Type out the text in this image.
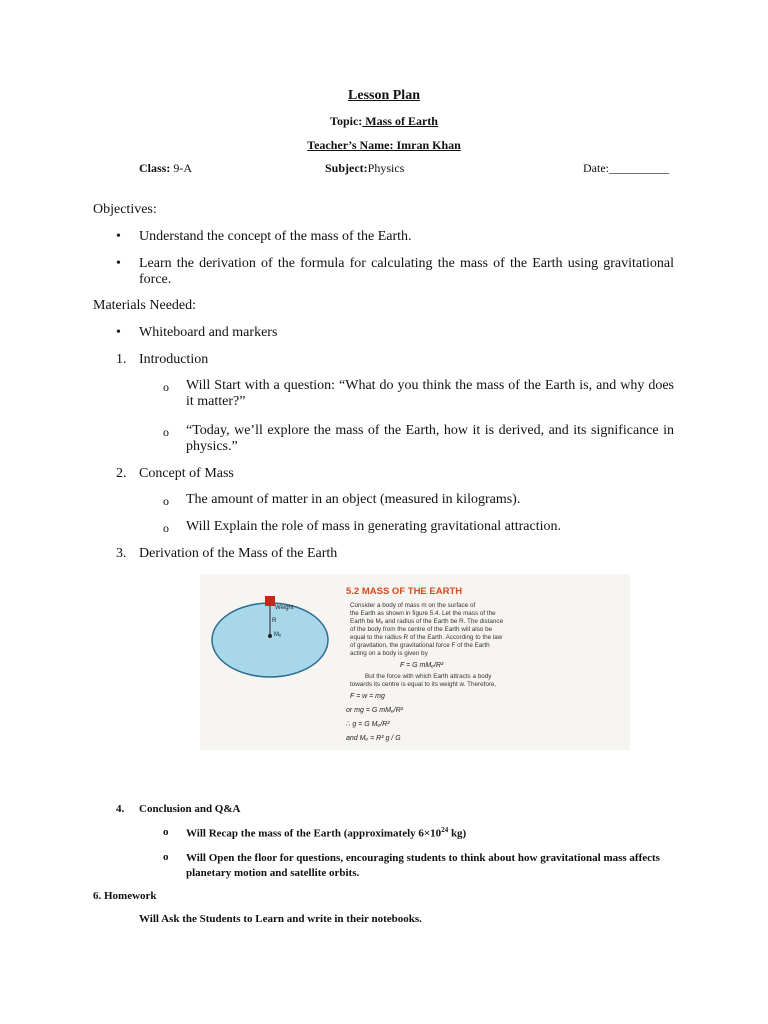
Lesson Plan
Topic: Mass of Earth
Teacher’s Name: Imran Khan
Class: 9-A	Subject:Physics	Date:__________
Objectives:
• Understand the concept of the mass of the Earth.
• Learn the derivation of the formula for calculating the mass of the Earth using gravitational force.
Materials Needed:
• Whiteboard and markers
1. Introduction
o Will Start with a question: “What do you think the mass of the Earth is, and why does it matter?”
o “Today, we’ll explore the mass of the Earth, how it is derived, and its significance in physics.”
2. Concept of Mass
o The amount of matter in an object (measured in kilograms).
o Will Explain the role of mass in generating gravitational attraction.
3. Derivation of the Mass of the Earth
Weight
R
Mₑ
5.2 MASS OF THE EARTH
Consider a body of mass m on the surface of
the Earth as shown in figure 5.4. Let the mass of the
Earth be Mₑ and radius of the Earth be R. The distance
of the body from the centre of the Earth will also be
equal to the radius R of the Earth. According to the law
of gravitation, the gravitational force F of the Earth
acting on a body is given by
F = G mMₑ/R²
But the force with which Earth attracts a body
towards its centre is equal to its weight w. Therefore,
F = w = mg
or mg = G mMₑ/R²
∴ g = G Mₑ/R²
and Mₑ = R² g / G
4. Conclusion and Q&A
o Will Recap the mass of the Earth (approximately $6\times 10^{24}$ kg)
o Will Open the floor for questions, encouraging students to think about how gravitational mass affects planetary motion and satellite orbits.
6. Homework
Will Ask the Students to Learn and write in their notebooks.
